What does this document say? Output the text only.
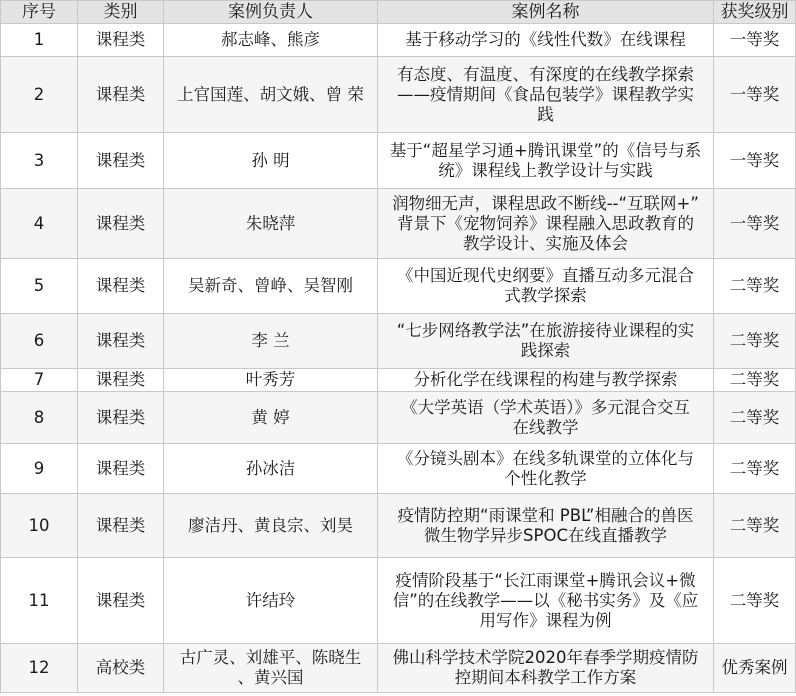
序号	类别	案例负责人	案例名称	获奖级别
1	课程类	郝志峰、熊彦	基于移动学习的《线性代数》在线课程	一等奖
2	课程类	上官国莲、胡文娥、曾 荣	有态度、有温度、有深度的在线教学探索
——疫情期间《食品包装学》课程教学实
践	一等奖
3	课程类	孙 明	基于“超星学习通+腾讯课堂”的《信号与系
统》课程线上教学设计与实践	一等奖
4	课程类	朱晓萍	润物细无声，课程思政不断线--“互联网+”
背景下《宠物饲养》课程融入思政教育的
教学设计、实施及体会	一等奖
5	课程类	吴新奇、曾峥、吴智刚	《中国近现代史纲要》直播互动多元混合
式教学探索	二等奖
6	课程类	李 兰	“七步网络教学法”在旅游接待业课程的实
践探索	二等奖
7	课程类	叶秀芳	分析化学在线课程的构建与教学探索	二等奖
8	课程类	黄 婷	《大学英语（学术英语）》多元混合交互
在线教学	二等奖
9	课程类	孙冰洁	《分镜头剧本》在线多轨课堂的立体化与
个性化教学	二等奖
10	课程类	廖洁丹、黄良宗、刘昊	疫情防控期“雨课堂和 PBL”相融合的兽医
微生物学异步SPOC在线直播教学	二等奖
11	课程类	许结玲	疫情阶段基于“长江雨课堂+腾讯会议+微
信”的在线教学——以《秘书实务》及《应
用写作》课程为例	二等奖
12	高校类	古广灵、刘雄平、陈晓生
、黄兴国	佛山科学技术学院2020年春季学期疫情防
控期间本科教学工作方案	优秀案例
